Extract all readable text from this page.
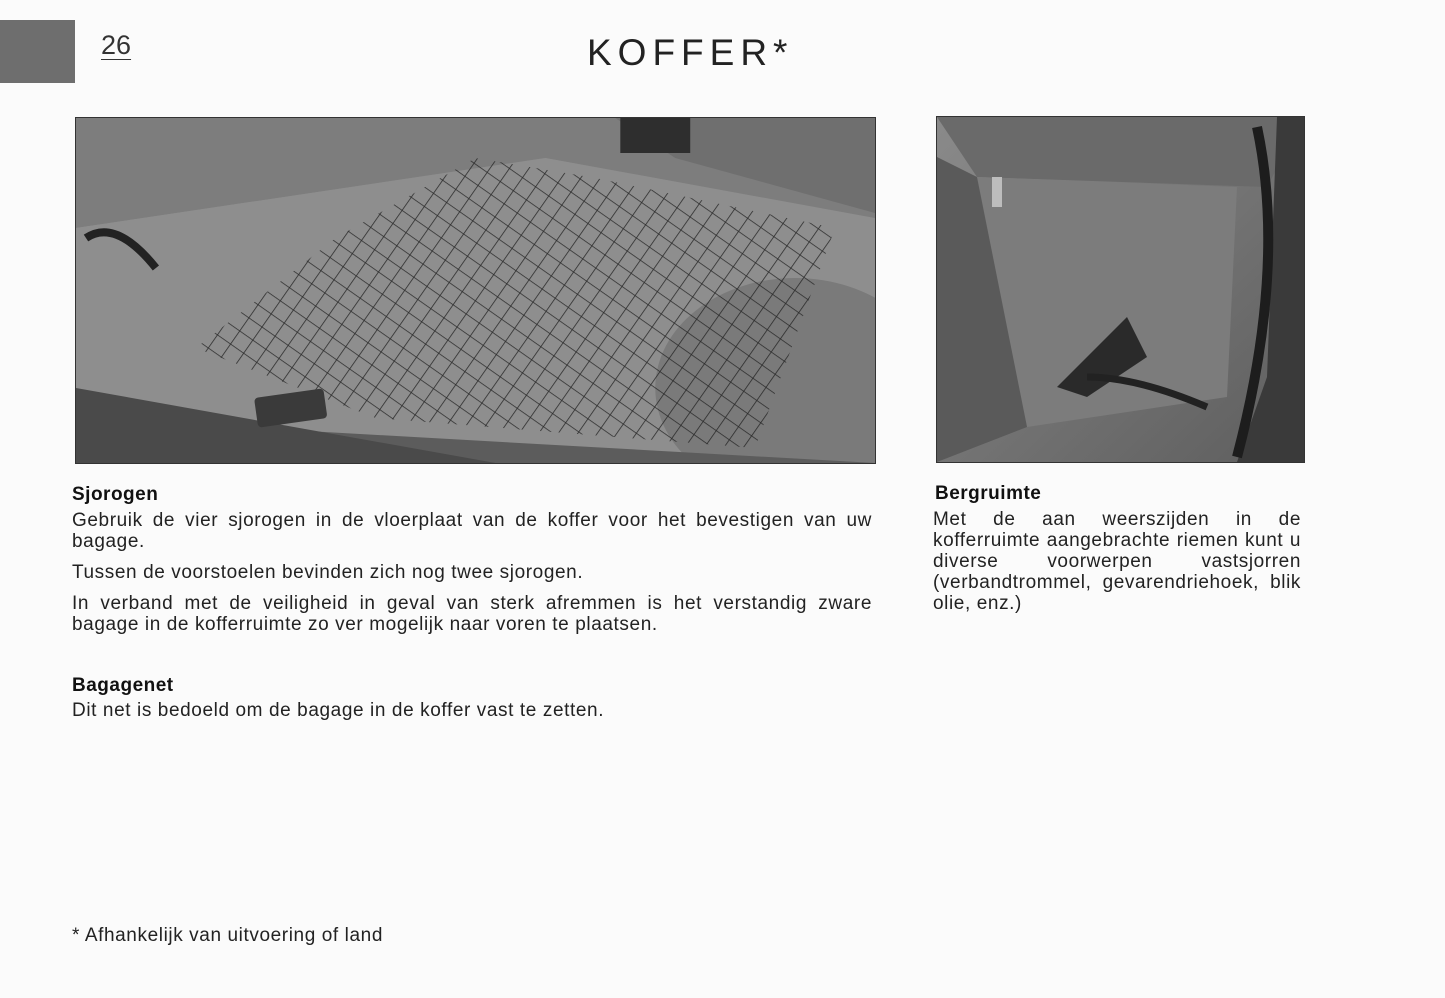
26	KOFFER*
Sjorogen

Gebruik de vier sjorogen in de vloerplaat van de koffer voor het bevestigen van uw bagage.

Tussen de voorstoelen bevinden zich nog twee sjorogen.

In verband met de veiligheid in geval van sterk afremmen is het verstandig zware bagage in de kofferruimte zo ver mogelijk naar voren te plaatsen.

Bagagenet

Dit net is bedoeld om de bagage in de koffer vast te zetten.

Bergruimte

Met de aan weerszijden in de kofferruimte aangebrachte riemen kunt u diverse voorwerpen vastsjorren (verbandtrommel, gevarendriehoek, blik olie, enz.)

* Afhankelijk van uitvoering of land
